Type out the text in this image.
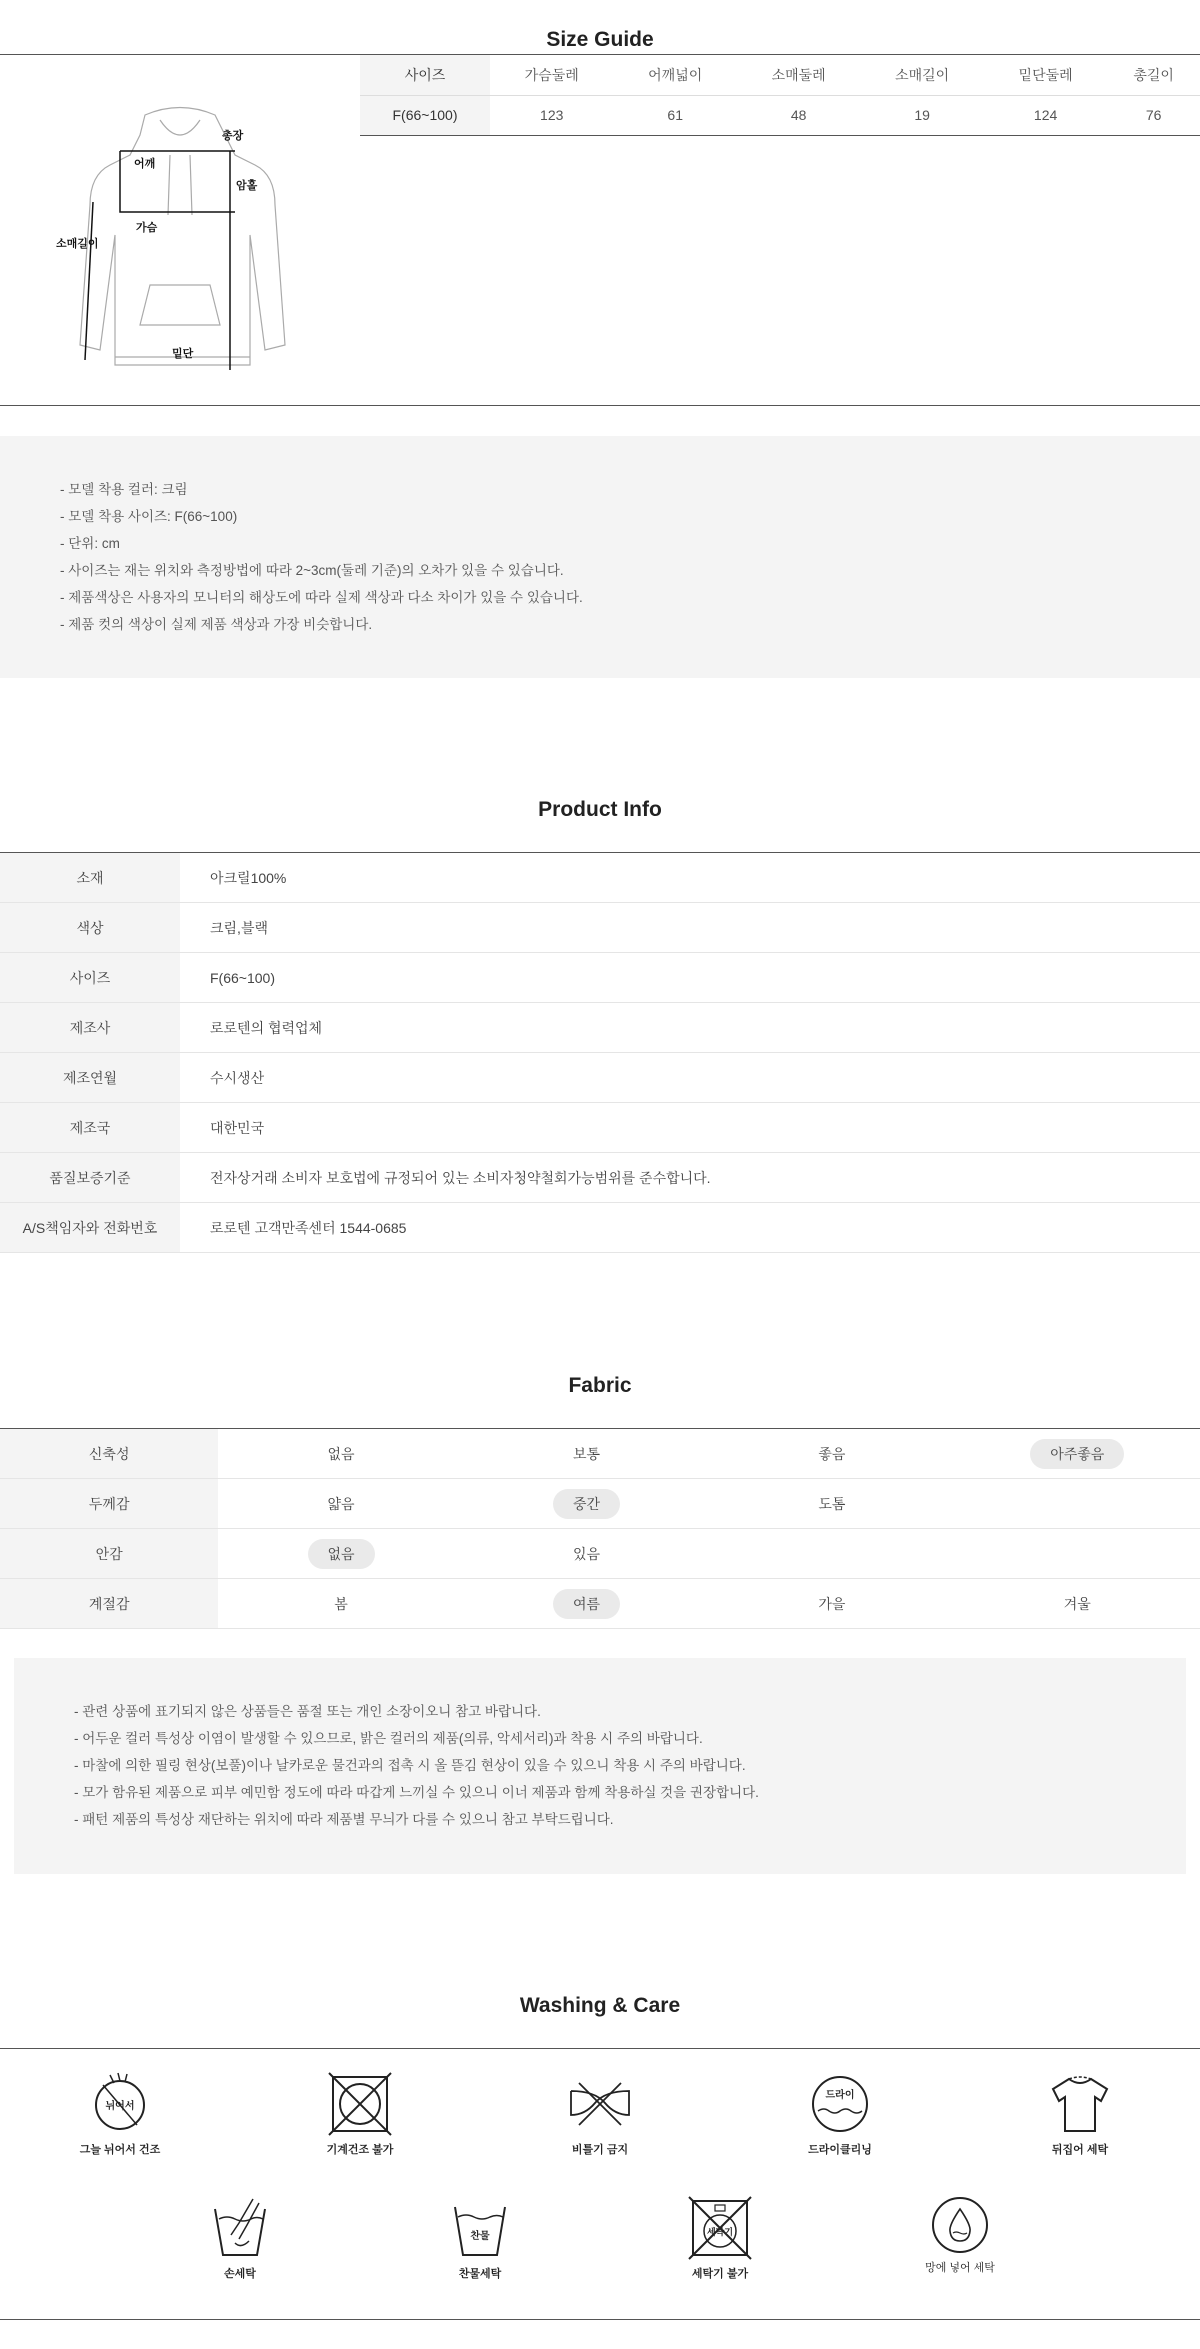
Size Guide
어깨
총장
암홀
소매길이
가슴
밑단
사이즈	가슴둘레	어깨넓이	소매둘레	소매길이	밑단둘레	총길이
F(66~100)	123	61	48	19	124	76
- 모델 착용 컬러: 크림
- 모델 착용 사이즈: F(66~100)
- 단위: cm
- 사이즈는 재는 위치와 측정방법에 따라 2~3cm(둘레 기준)의 오차가 있을 수 있습니다.
- 제품색상은 사용자의 모니터의 해상도에 따라 실제 색상과 다소 차이가 있을 수 있습니다.
- 제품 컷의 색상이 실제 제품 색상과 가장 비슷합니다.
Product Info
소재	아크릴100%
색상	크림,블랙
사이즈	F(66~100)
제조사	로로텐의 협력업체
제조연월	수시생산
제조국	대한민국
품질보증기준	전자상거래 소비자 보호법에 규정되어 있는 소비자청약철회가능범위를 준수합니다.
A/S책임자와 전화번호	로로텐 고객만족센터 1544-0685
Fabric
신축성	없음	보통	좋음	아주좋음
두께감	얇음	중간	도톰	
안감	없음	있음		
계절감	봄	여름	가을	겨울
- 관련 상품에 표기되지 않은 상품들은 품절 또는 개인 소장이오니 참고 바랍니다.
- 어두운 컬러 특성상 이염이 발생할 수 있으므로, 밝은 컬러의 제품(의류, 악세서리)과 착용 시 주의 바랍니다.
- 마찰에 의한 필링 현상(보풀)이나 날카로운 물건과의 접촉 시 올 뜯김 현상이 있을 수 있으니 착용 시 주의 바랍니다.
- 모가 함유된 제품으로 피부 예민함 정도에 따라 따갑게 느끼실 수 있으니 이너 제품과 함께 착용하실 것을 권장합니다.
- 패턴 제품의 특성상 재단하는 위치에 따라 제품별 무늬가 다를 수 있으니 참고 부탁드립니다.
Washing & Care
뉘어서
그늘 뉘어서 건조	기계건조 불가	비틀기 금지
드라이
드라이클리닝	뒤집어 세탁
손세탁
찬물
찬물세탁
세탁기
세탁기 불가	망에 넣어 세탁
